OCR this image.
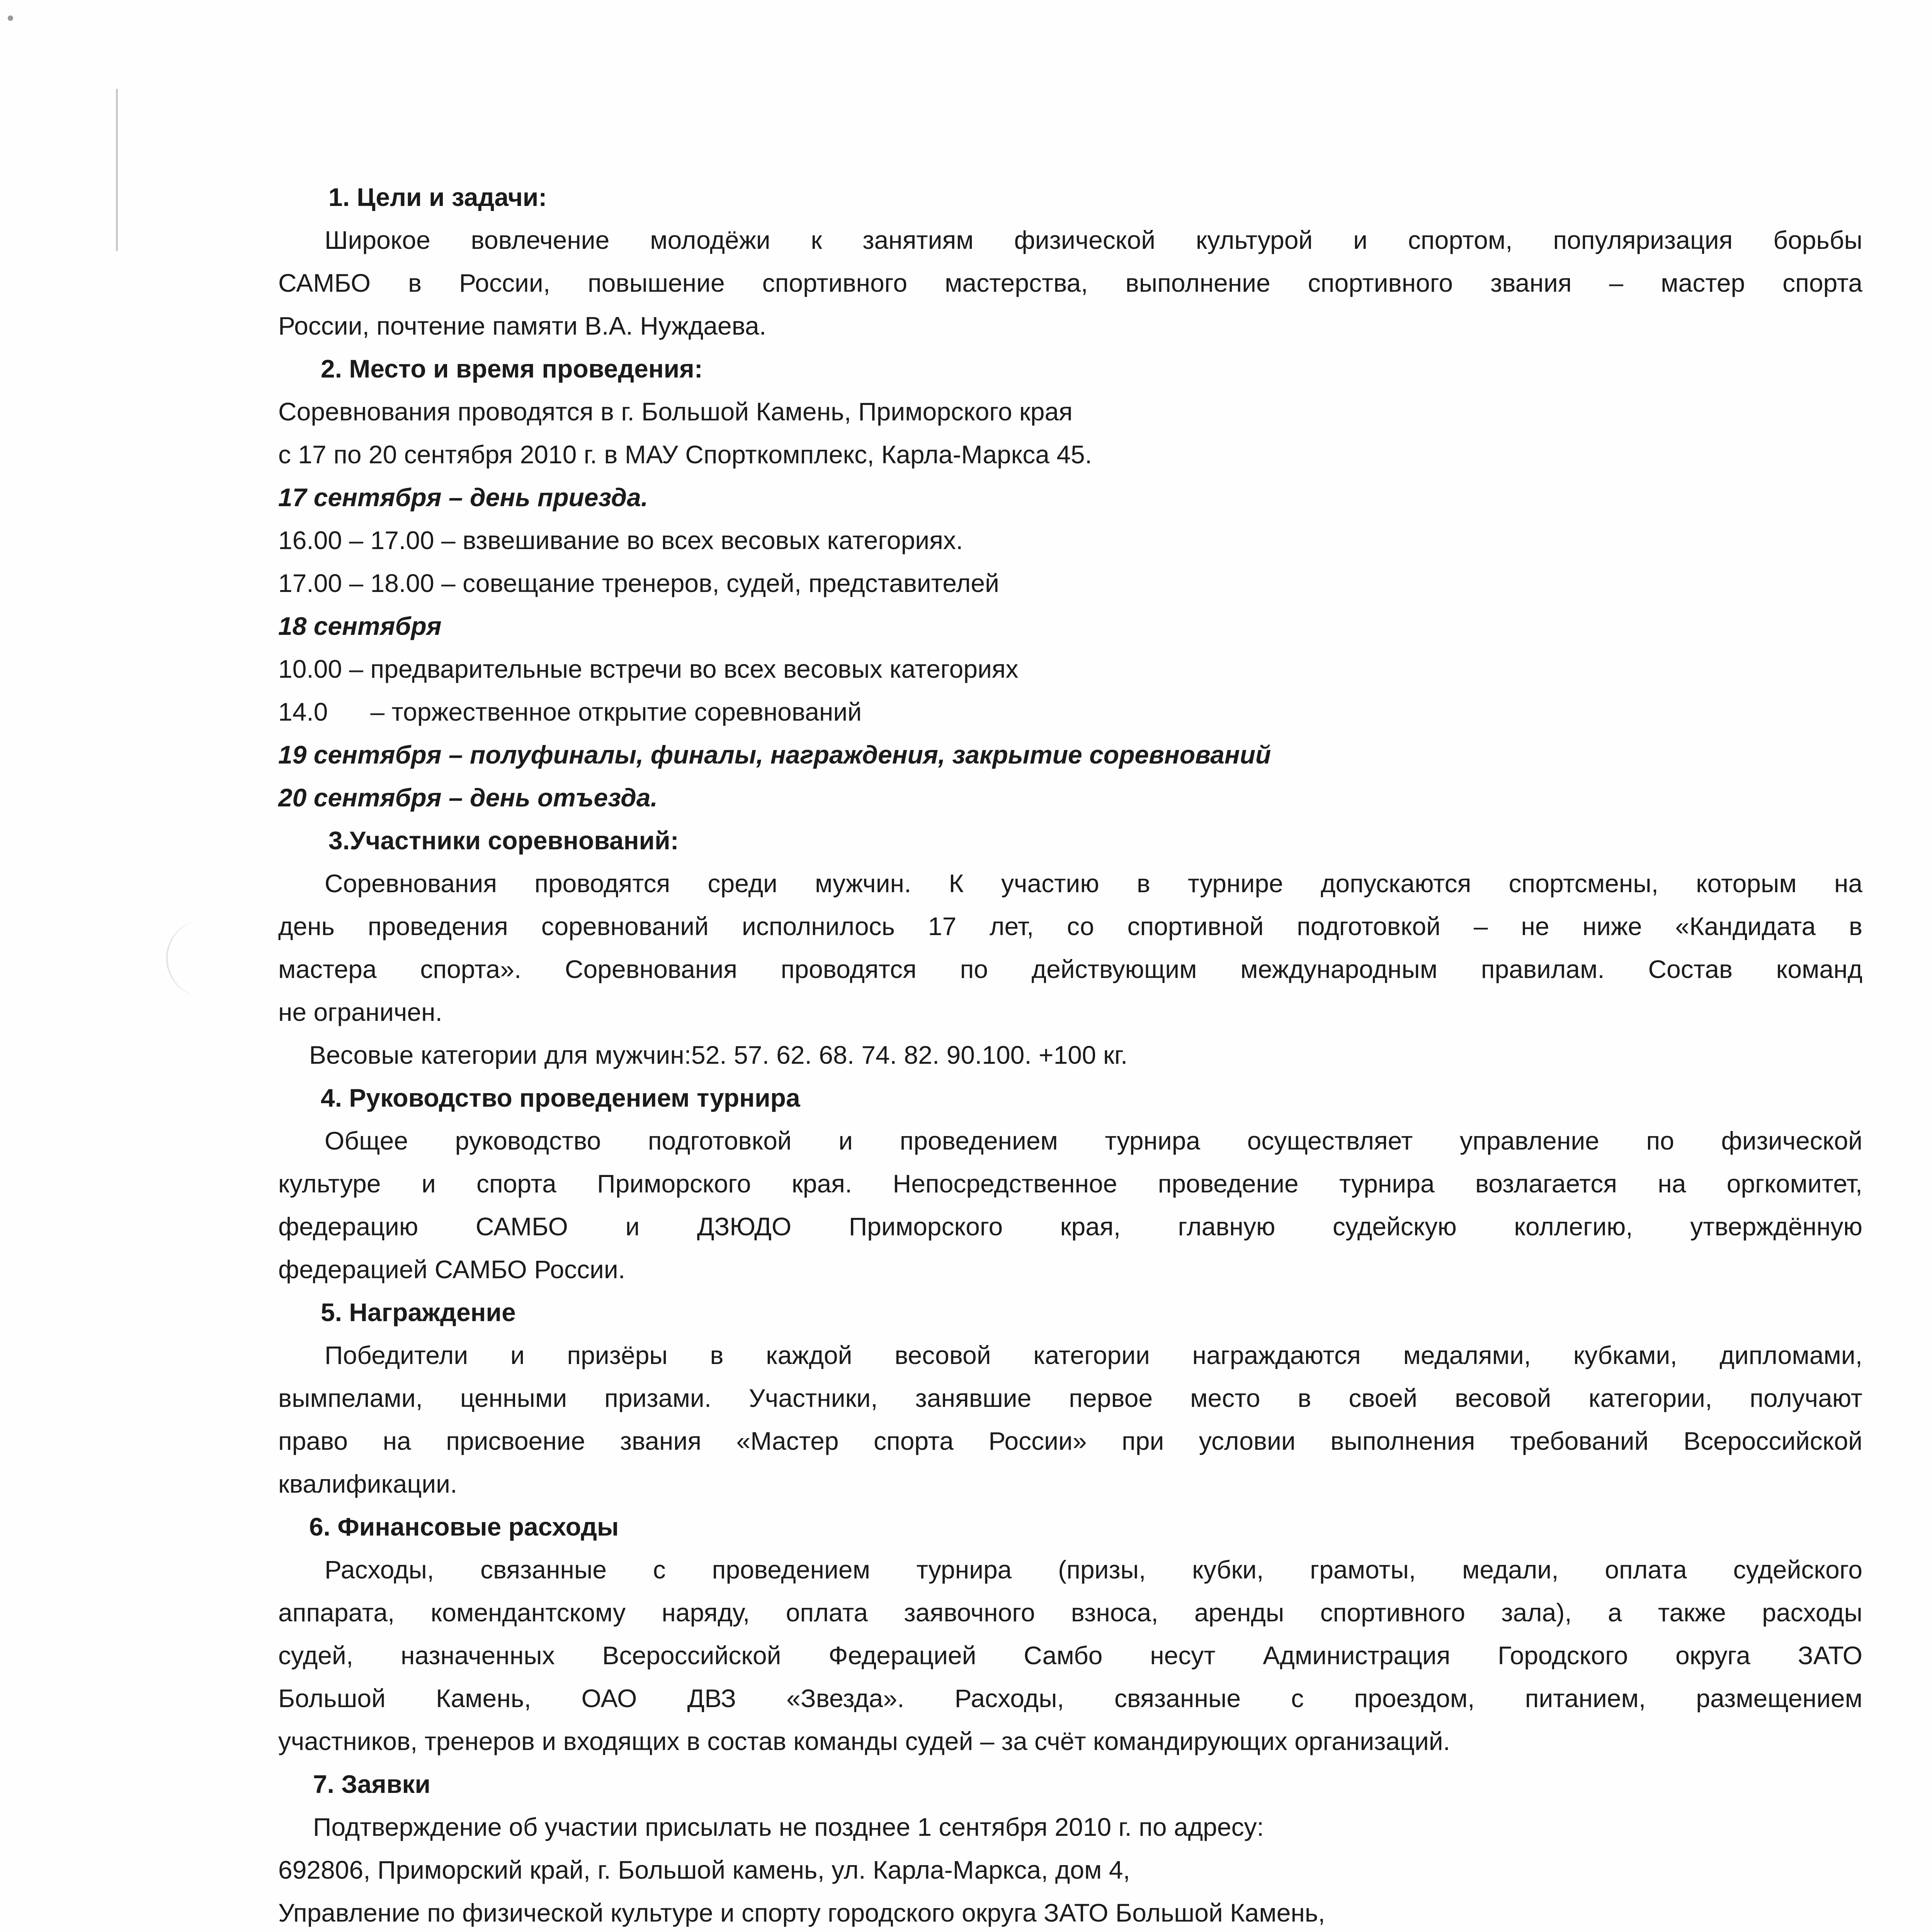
1. Цели и задачи:
Широкое вовлечение молодёжи к занятиям физической культурой и спортом, популяризация борьбы
САМБО в России, повышение спортивного мастерства, выполнение спортивного звания – мастер спорта
России, почтение памяти В.А. Нуждаева.
2. Место и время проведения:
Соревнования проводятся в г. Большой Камень, Приморского края
с 17 по 20 сентября 2010 г. в МАУ Спорткомплекс, Карла-Маркса 45.
17 сентября – день приезда.
16.00 – 17.00 – взвешивание во всех весовых категориях.
17.00 – 18.00 – совещание тренеров, судей, представителей
18 сентября
10.00 – предварительные встречи во всех весовых категориях
14.0 – торжественное открытие соревнований
19 сентября – полуфиналы, финалы, награждения, закрытие соревнований
20 сентября – день отъезда.
3.Участники соревнований:
Соревнования проводятся среди мужчин. К участию в турнире допускаются спортсмены, которым на
день проведения соревнований исполнилось 17 лет, со спортивной подготовкой – не ниже «Кандидата в
мастера спорта». Соревнования проводятся по действующим международным правилам. Состав команд
не ограничен.
Весовые категории для мужчин:52. 57. 62. 68. 74. 82. 90.100. +100 кг.
4. Руководство проведением турнира
Общее руководство подготовкой и проведением турнира осуществляет управление по физической
культуре и спорта Приморского края. Непосредственное проведение турнира возлагается на оргкомитет,
федерацию САМБО и ДЗЮДО Приморского края, главную судейскую коллегию, утверждённую
федерацией САМБО России.
5. Награждение
Победители и призёры в каждой весовой категории награждаются медалями, кубками, дипломами,
вымпелами, ценными призами. Участники, занявшие первое место в своей весовой категории, получают
право на присвоение звания «Мастер спорта России» при условии выполнения требований Всероссийской
квалификации.
6. Финансовые расходы
Расходы, связанные с проведением турнира (призы, кубки, грамоты, медали, оплата судейского
аппарата, комендантскому наряду, оплата заявочного взноса, аренды спортивного зала), а также расходы
судей, назначенных Всероссийской Федерацией Самбо несут Администрация Городского округа ЗАТО
Большой Камень, ОАО ДВЗ «Звезда». Расходы, связанные с проездом, питанием, размещением
участников, тренеров и входящих в состав команды судей – за счёт командирующих организаций.
7. Заявки
Подтверждение об участии присылать не позднее 1 сентября 2010 г. по адресу:
692806, Приморский край, г. Большой камень, ул. Карла-Маркса, дом 4,
Управление по физической культуре и спорту городского округа ЗАТО Большой Камень,
